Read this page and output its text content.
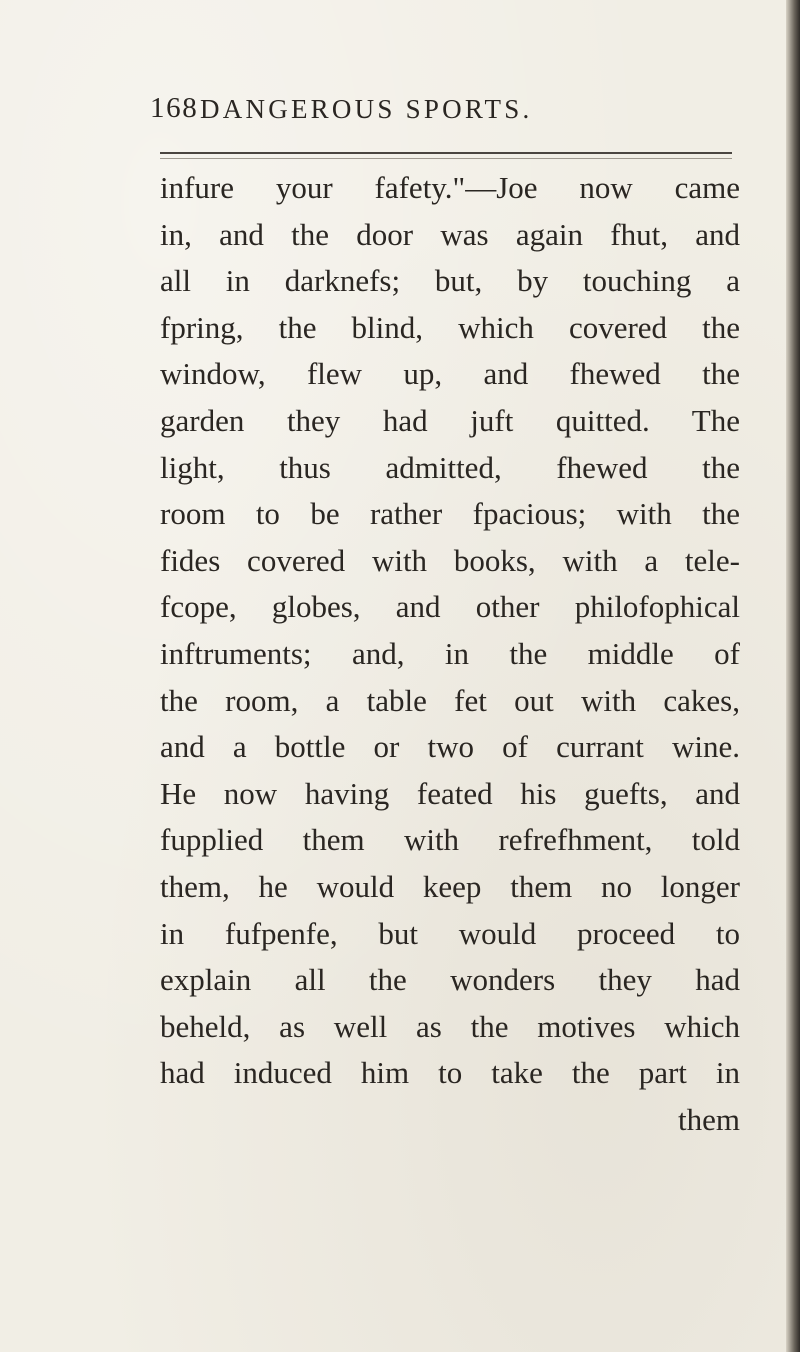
168 DANGEROUS SPORTS.
infure your fafety."—Joe now came
in, and the door was again fhut, and
all in darknefs; but, by touching a
fpring, the blind, which covered the
window, flew up, and fhewed the
garden they had juft quitted. The
light, thus admitted, fhewed the
room to be rather fpacious; with the
fides covered with books, with a tele-
fcope, globes, and other philofophical
inftruments; and, in the middle of
the room, a table fet out with cakes,
and a bottle or two of currant wine.
He now having feated his guefts, and
fupplied them with refrefhment, told
them, he would keep them no longer
in fufpenfe, but would proceed to
explain all the wonders they had
beheld, as well as the motives which
had induced him to take the part in
them
